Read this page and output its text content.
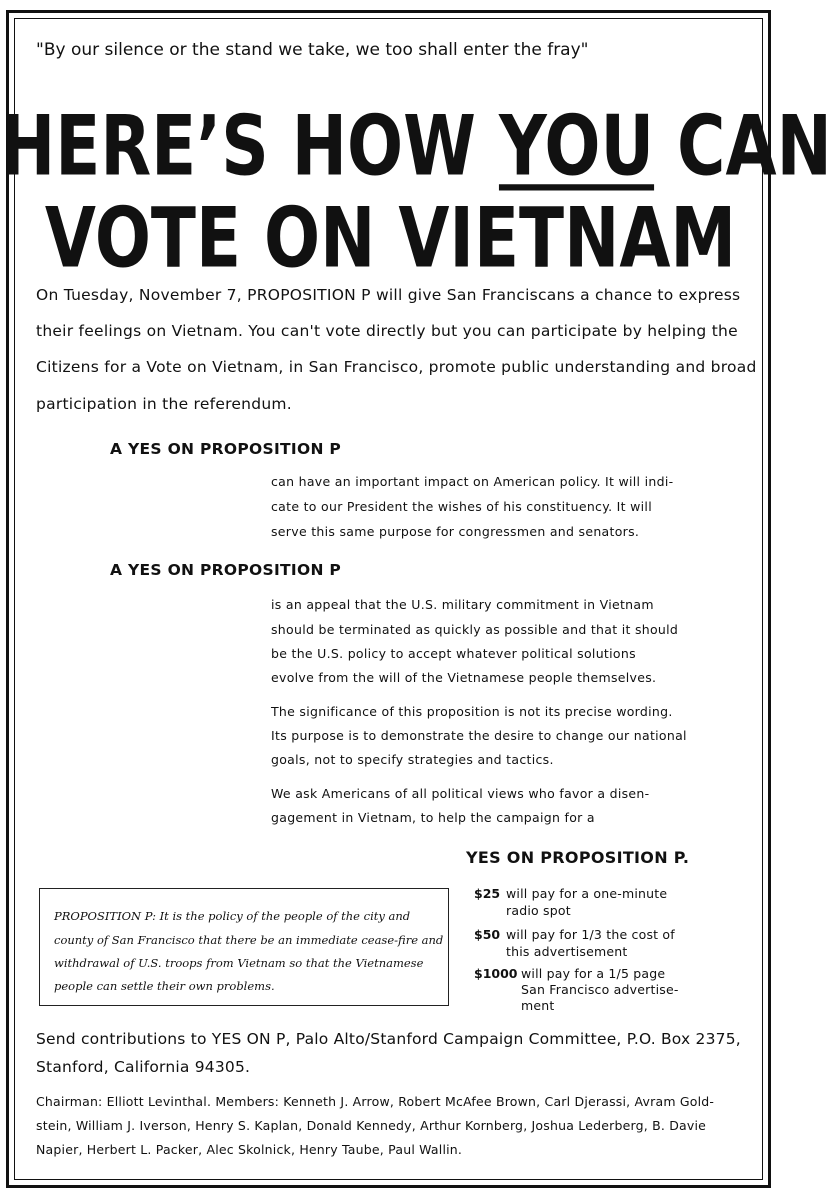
"By our silence or the stand we take, we too shall enter the fray"
HERE’S HOW YOU CAN
VOTE ON VIETNAM
On Tuesday, November 7, PROPOSITION P will give San Franciscans a chance to express
their feelings on Vietnam. You can't vote directly but you can participate by helping the
Citizens for a Vote on Vietnam, in San Francisco, promote public understanding and broad
participation in the referendum.
A YES ON PROPOSITION P
can have an important impact on American policy. It will indi-
cate to our President the wishes of his constituency. It will
serve this same purpose for congressmen and senators.
A YES ON PROPOSITION P
is an appeal that the U.S. military commitment in Vietnam
should be terminated as quickly as possible and that it should
be the U.S. policy to accept whatever political solutions
evolve from the will of the Vietnamese people themselves.
The significance of this proposition is not its precise wording.
Its purpose is to demonstrate the desire to change our national
goals, not to specify strategies and tactics.
We ask Americans of all political views who favor a disen-
gagement in Vietnam, to help the campaign for a
YES ON PROPOSITION P.
PROPOSITION P: It is the policy of the people of the city and
county of San Francisco that there be an immediate cease-fire and
withdrawal of U.S. troops from Vietnam so that the Vietnamese
people can settle their own problems.
$25 will pay for a one-minute
radio spot
$50 will pay for 1/3 the cost of
this advertisement
$1000 will pay for a 1/5 page
San Francisco advertise-
ment
Send contributions to YES ON P, Palo Alto/Stanford Campaign Committee, P.O. Box 2375,
Stanford, California 94305.
Chairman: Elliott Levinthal. Members: Kenneth J. Arrow, Robert McAfee Brown, Carl Djerassi, Avram Gold-
stein, William J. Iverson, Henry S. Kaplan, Donald Kennedy, Arthur Kornberg, Joshua Lederberg, B. Davie
Napier, Herbert L. Packer, Alec Skolnick, Henry Taube, Paul Wallin.
